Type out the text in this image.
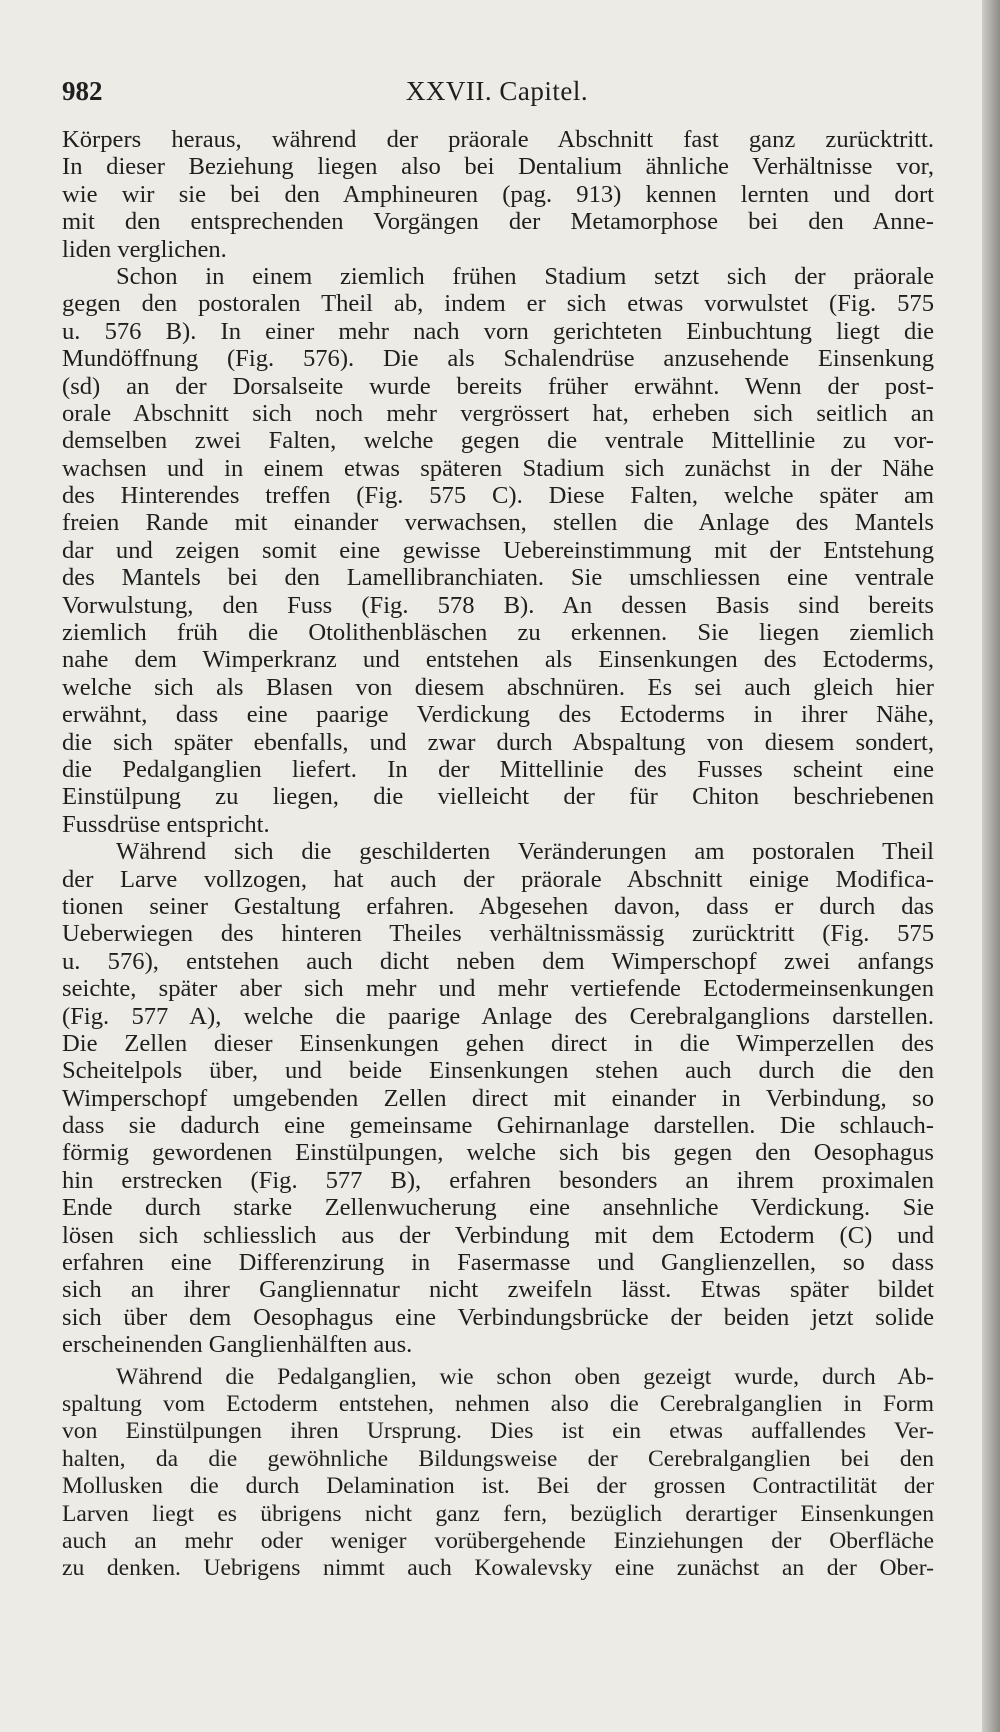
XXVII. Capitel.
982
Körpers heraus, während der präorale Abschnitt fast ganz zurücktritt.
In dieser Beziehung liegen also bei Dentalium ähnliche Verhältnisse vor,
wie wir sie bei den Amphineuren (pag. 913) kennen lernten und dort
mit den entsprechenden Vorgängen der Metamorphose bei den Anne-
liden verglichen.
Schon in einem ziemlich frühen Stadium setzt sich der präorale
gegen den postoralen Theil ab, indem er sich etwas vorwulstet (Fig. 575
u. 576 B). In einer mehr nach vorn gerichteten Einbuchtung liegt die
Mundöffnung (Fig. 576). Die als Schalendrüse anzusehende Einsenkung
(sd) an der Dorsalseite wurde bereits früher erwähnt. Wenn der post-
orale Abschnitt sich noch mehr vergrössert hat, erheben sich seitlich an
demselben zwei Falten, welche gegen die ventrale Mittellinie zu vor-
wachsen und in einem etwas späteren Stadium sich zunächst in der Nähe
des Hinterendes treffen (Fig. 575 C). Diese Falten, welche später am
freien Rande mit einander verwachsen, stellen die Anlage des Mantels
dar und zeigen somit eine gewisse Uebereinstimmung mit der Entstehung
des Mantels bei den Lamellibranchiaten. Sie umschliessen eine ventrale
Vorwulstung, den Fuss (Fig. 578 B). An dessen Basis sind bereits
ziemlich früh die Otolithenbläschen zu erkennen. Sie liegen ziemlich
nahe dem Wimperkranz und entstehen als Einsenkungen des Ectoderms,
welche sich als Blasen von diesem abschnüren. Es sei auch gleich hier
erwähnt, dass eine paarige Verdickung des Ectoderms in ihrer Nähe,
die sich später ebenfalls, und zwar durch Abspaltung von diesem sondert,
die Pedalganglien liefert. In der Mittellinie des Fusses scheint eine
Einstülpung zu liegen, die vielleicht der für Chiton beschriebenen
Fussdrüse entspricht.
Während sich die geschilderten Veränderungen am postoralen Theil
der Larve vollzogen, hat auch der präorale Abschnitt einige Modifica-
tionen seiner Gestaltung erfahren. Abgesehen davon, dass er durch das
Ueberwiegen des hinteren Theiles verhältnissmässig zurücktritt (Fig. 575
u. 576), entstehen auch dicht neben dem Wimperschopf zwei anfangs
seichte, später aber sich mehr und mehr vertiefende Ectodermeinsenkungen
(Fig. 577 A), welche die paarige Anlage des Cerebralganglions darstellen.
Die Zellen dieser Einsenkungen gehen direct in die Wimperzellen des
Scheitelpols über, und beide Einsenkungen stehen auch durch die den
Wimperschopf umgebenden Zellen direct mit einander in Verbindung, so
dass sie dadurch eine gemeinsame Gehirnanlage darstellen. Die schlauch-
förmig gewordenen Einstülpungen, welche sich bis gegen den Oesophagus
hin erstrecken (Fig. 577 B), erfahren besonders an ihrem proximalen
Ende durch starke Zellenwucherung eine ansehnliche Verdickung. Sie
lösen sich schliesslich aus der Verbindung mit dem Ectoderm (C) und
erfahren eine Differenzirung in Fasermasse und Ganglienzellen, so dass
sich an ihrer Gangliennatur nicht zweifeln lässt. Etwas später bildet
sich über dem Oesophagus eine Verbindungsbrücke der beiden jetzt solide
erscheinenden Ganglienhälften aus.
Während die Pedalganglien, wie schon oben gezeigt wurde, durch Ab-
spaltung vom Ectoderm entstehen, nehmen also die Cerebralganglien in Form
von Einstülpungen ihren Ursprung. Dies ist ein etwas auffallendes Ver-
halten, da die gewöhnliche Bildungsweise der Cerebralganglien bei den
Mollusken die durch Delamination ist. Bei der grossen Contractilität der
Larven liegt es übrigens nicht ganz fern, bezüglich derartiger Einsenkungen
auch an mehr oder weniger vorübergehende Einziehungen der Oberfläche
zu denken. Uebrigens nimmt auch Kowalevsky eine zunächst an der Ober-
